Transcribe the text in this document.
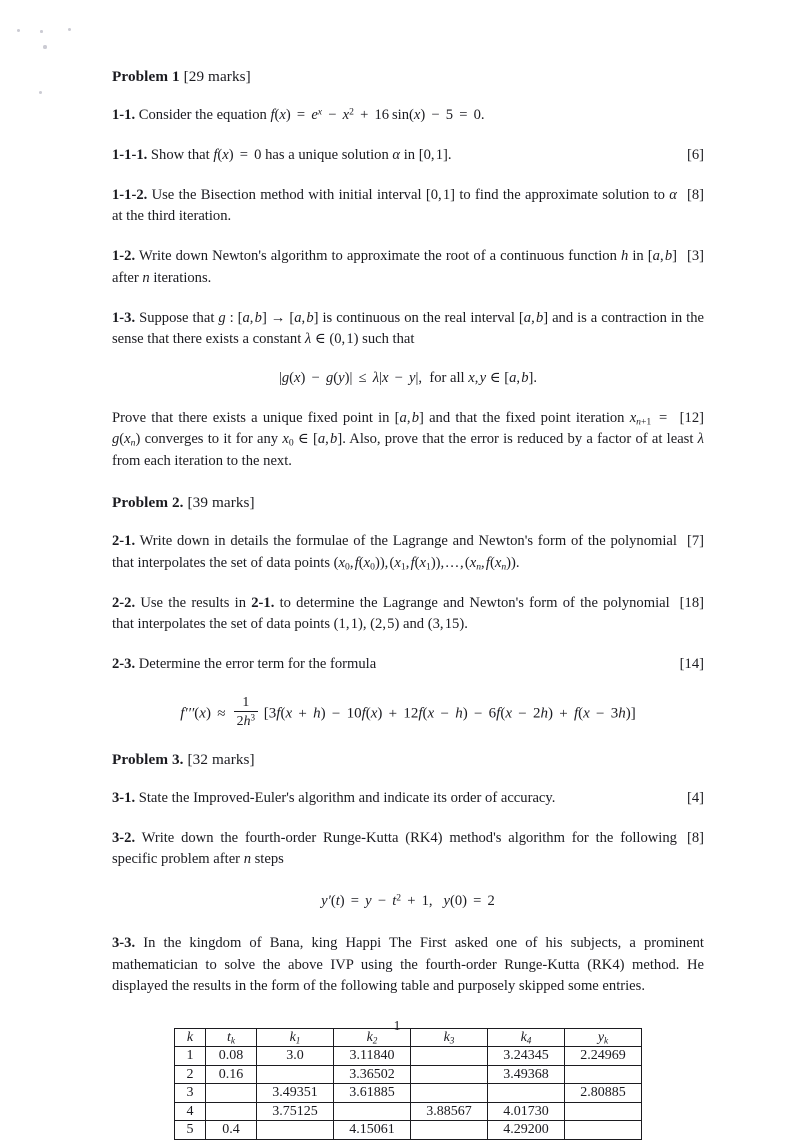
Problem 1 [29 marks]

1-1. Consider the equation $f(x) = e^x - x^2 + 16$ sin(x) − 5 = 0.

[6]
1-1-1. Show that f(x) = 0 has a unique solution α in [0, 1].

[8]
1-1-2. Use the Bisection method with initial interval [0, 1] to find the approximate solution to α at the third iteration.

[3]
1-2. Write down Newton's algorithm to approximate the root of a continuous function h in [a, b] after n iterations.

1-3. Suppose that g : [a, b] → [a, b] is continuous on the real interval [a, b] and is a contraction in the sense that there exists a constant λ ∈ (0, 1) such that

|g(x) − g(y)| ≤ λ|x − y|,  for all x, y ∈ [a, b].

[12]
Prove that there exists a unique fixed point in [a, b] and that the fixed point iteration $x_{n+1} = g(x_n)$ converges to it for any $x_0$ ∈ [a, b]. Also, prove that the error is reduced by a factor of at least λ from each iteration to the next.

Problem 2. [39 marks]

[7]
2-1. Write down in details the formulae of the Lagrange and Newton's form of the polynomial that interpolates the set of data points ($x_0$, $f(x_0)$), ($x_1$, $f(x_1)$), . . . , ($x_n$, $f(x_n)$).

[18]
2-2. Use the results in 2-1. to determine the Lagrange and Newton's form of the polynomial that interpolates the set of data points (1, 1), (2, 5) and (3, 15).

[14]
2-3. Determine the error term for the formula

$f'''(x) \approx \frac{1}{2h^3} [3f(x + h) - 10f(x) + 12f(x - h) - 6f(x - 2h) + f(x - 3h)]$
Problem 3. [32 marks]

[4]
3-1. State the Improved-Euler's algorithm and indicate its order of accuracy.

[8]
3-2. Write down the fourth-order Runge-Kutta (RK4) method's algorithm for the following specific problem after n steps

$y'(t) = y - t^2 + 1$,   y(0) = 2

3-3. In the kingdom of Bana, king Happi The First asked one of his subjects, a prominent mathematician to solve the above IVP using the fourth-order Runge-Kutta (RK4) method. He displayed the results in the form of the following table and purposely skipped some entries.

k	$t_k$	$k_1$	$k_2$	$k_3$	$k_4$	$y_k$
1	0.08	3.0	3.11840		3.24345	2.24969
2	0.16		3.36502		3.49368	
3		3.49351	3.61885			2.80885
4		3.75125		3.88567	4.01730	
5	0.4		4.15061		4.29200	
1
